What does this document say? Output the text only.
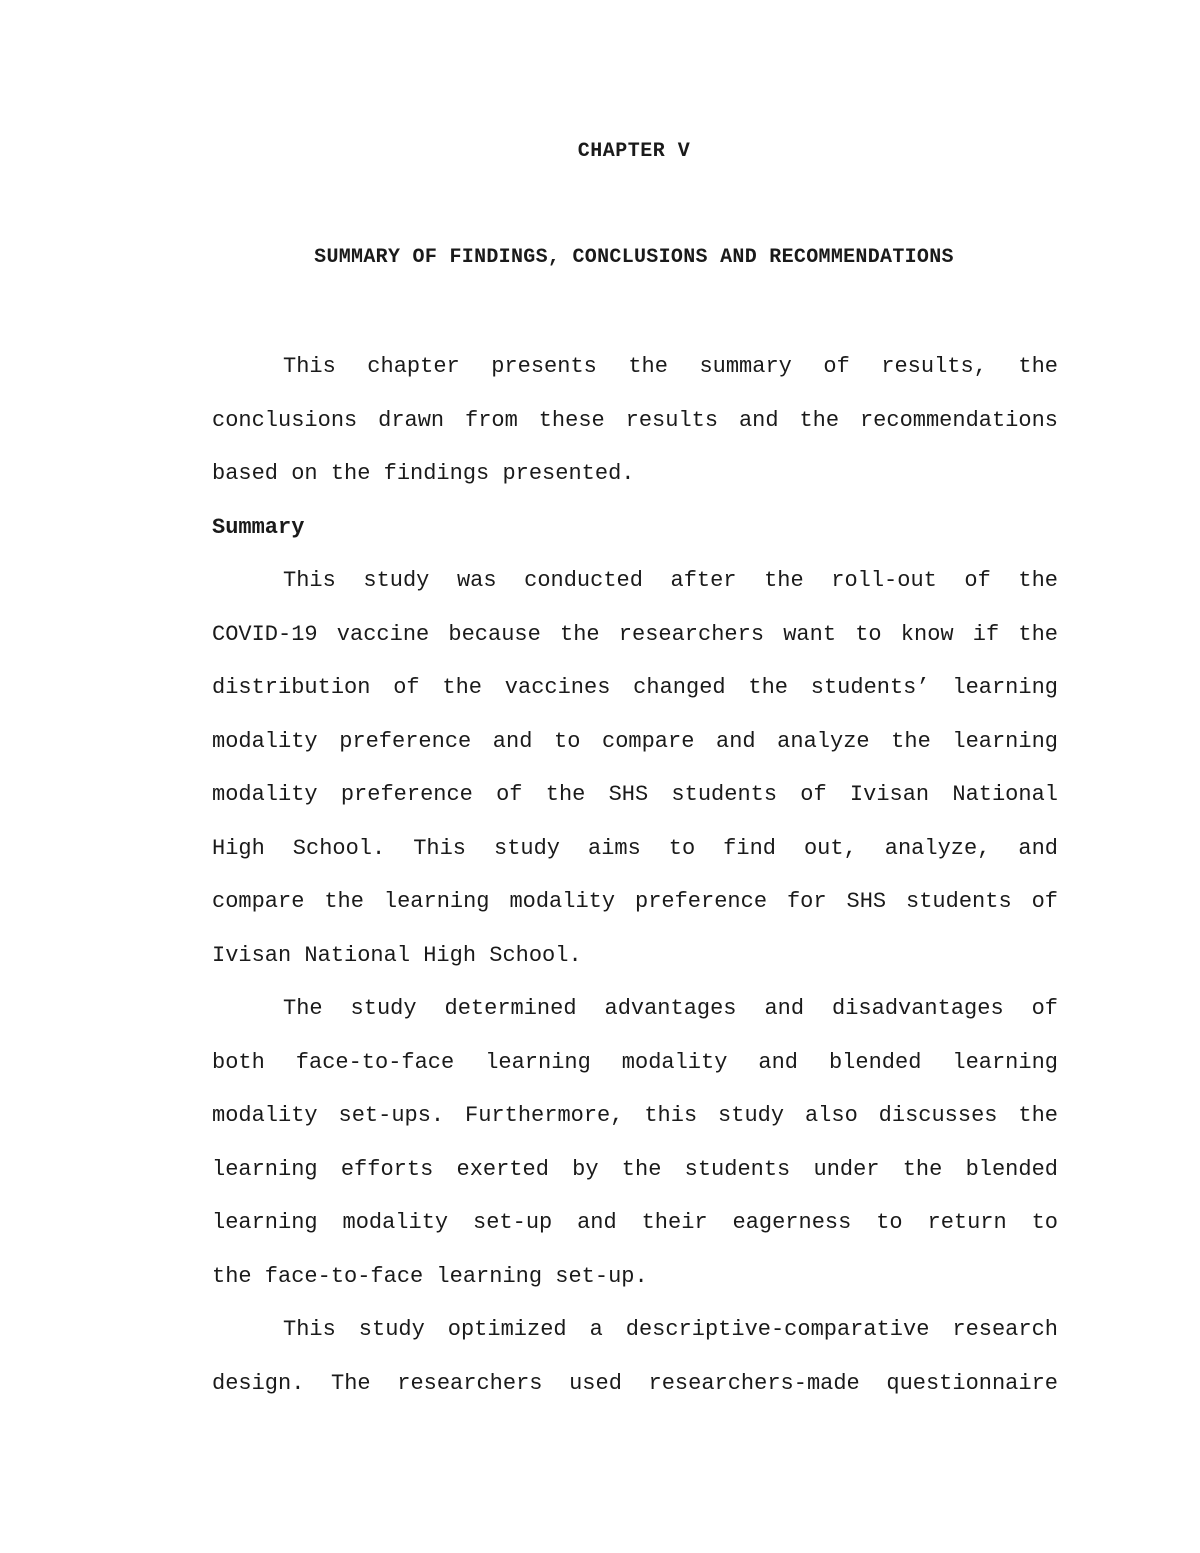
CHAPTER V
SUMMARY OF FINDINGS, CONCLUSIONS AND RECOMMENDATIONS
This chapter presents the summary of results, the
conclusions drawn from these results and the recommendations
based on the findings presented.
Summary
This study was conducted after the roll-out of the
COVID-19 vaccine because the researchers want to know if the
distribution of the vaccines changed the students’ learning
modality preference and to compare and analyze the learning
modality preference of the SHS students of Ivisan National
High School. This study aims to find out, analyze, and
compare the learning modality preference for SHS students of
Ivisan National High School.
The study determined advantages and disadvantages of
both face-to-face learning modality and blended learning
modality set-ups. Furthermore, this study also discusses the
learning efforts exerted by the students under the blended
learning modality set-up and their eagerness to return to
the face-to-face learning set-up.
This study optimized a descriptive-comparative research
design. The researchers used researchers-made questionnaire
